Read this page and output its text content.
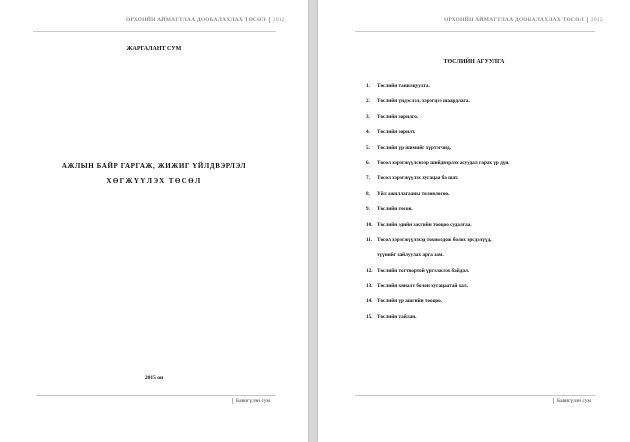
ОРХОНЙН АЙМАГТЛАА ДООБАЛАХЛАХ ТӨСӨЛ 2012
ЖАРГАЛАНТ СУМ
АЖЛЫН БАЙР ГАРГАЖ, ЖИЖИГ ҮЙЛДВЭРЛЭЛ
ХӨГЖҮҮЛЭХ ТӨСӨЛ
2015 он
Баянгүлэн сум
ОРХОНЙН АЙМАГТЛАА ДООБАЛАХЛАХ ТӨСӨЛ 2012
ТӨСЛИЙН АГУУЛГА
1. Төслийн танилцуулга.
2. Төслийн үндэслэл, хэрэгцээ шаардлага.
3. Төслийн зорилго.
4. Төслийн зорилт.
5. Төслийн үр шимийг хүртэгчид.
6. Төсөл хэрэгжүүлснээр шийдвэрлэх асуудал гарах үр дүн.
7. Төсөл хэрэгжүүлэх хугацаа ба шат.
8. Үйл ажиллагааны төлөвлөгөө.
9. Төслийн төсөв.
10. Төслийн эдийн засгийн тооцоо судалгаа.
11. Төсөл хэрэгжүүлэхэд тохиолдож болох эрсдэлүүд,
түүнийг зайлуулах арга зам.
12. Төслийн тогтвортой үргэлжлэх байдал.
13. Төслийн хяналт болон хугацаатай хал.
14. Төслийн үр ашгийн тооцоо.
15. Төслийн тайлан.
Баянгүлэн сум
